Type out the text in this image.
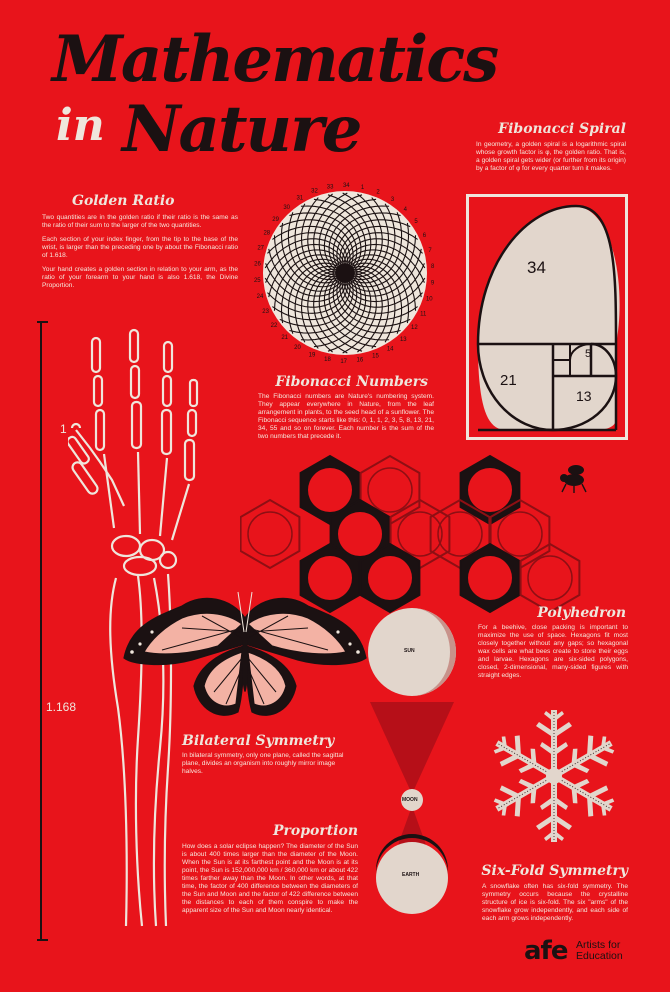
Mathematics
in Nature
Golden Ratio

Two quantities are in the golden ratio if their ratio is the same as the ratio of their sum to the larger of the two quantities.

Each section of your index finger, from the tip to the base of the wrist, is larger than the preceding one by about the Fibonacci ratio of 1.618.

Your hand creates a golden section in relation to your arm, as the ratio of your forearm to your hand is also 1.618, the Divine Proportion.

Fibonacci Spiral
In geometry, a golden spiral is a logarithmic spiral whose growth factor is φ, the golden ratio. That is, a golden spiral gets wider (or further from its origin) by a factor of φ for every quarter turn it makes.
1
2
3
4
5
6
7
8
9
10
11
12
13
14
15
16
17
18
19
20
21
22
23
24
25
26
27
28
29
30
31
32
33 34
34
21
13
5
Fibonacci Numbers
The Fibonacci numbers are Nature's numbering system. They appear everywhere in Nature, from the leaf arrangement in plants, to the seed head of a sunflower. The Fibonacci sequence starts like this: 0, 1, 1, 2, 3, 5, 8, 13, 21, 34, 55 and so on forever. Each number is the sum of the two numbers that precede it.
1
1.168
Polyhedron
For a beehive, close packing is important to maximize the use of space. Hexagons fit most closely together without any gaps; so hexagonal wax cells are what bees create to store their eggs and larvae. Hexagons are six-sided polygons, closed, 2-dimensional, many-sided figures with straight edges.
Bilateral Symmetry
In bilateral symmetry, only one plane, called the sagittal plane, divides an organism into roughly mirror image halves.
SUN
MOON
EARTH
Proportion
How does a solar eclipse happen? The diameter of the Sun is about 400 times larger than the diameter of the Moon. When the Sun is at its farthest point and the Moon is at its point, the Sun is 152,000,000 km / 360,000 km or about 422 times farther away than the Moon. In other words, at that time, the factor of 400 difference between the diameters of the Sun and Moon and the factor of 422 difference between the distances to each of them conspire to make the apparent size of the Sun and Moon nearly identical.
Six-Fold Symmetry
A snowflake often has six-fold symmetry. The symmetry occurs because the crystalline structure of ice is six-fold. The six "arms" of the snowflake grow independently, and each side of each arm grows independently.
afe Artists for
Education
